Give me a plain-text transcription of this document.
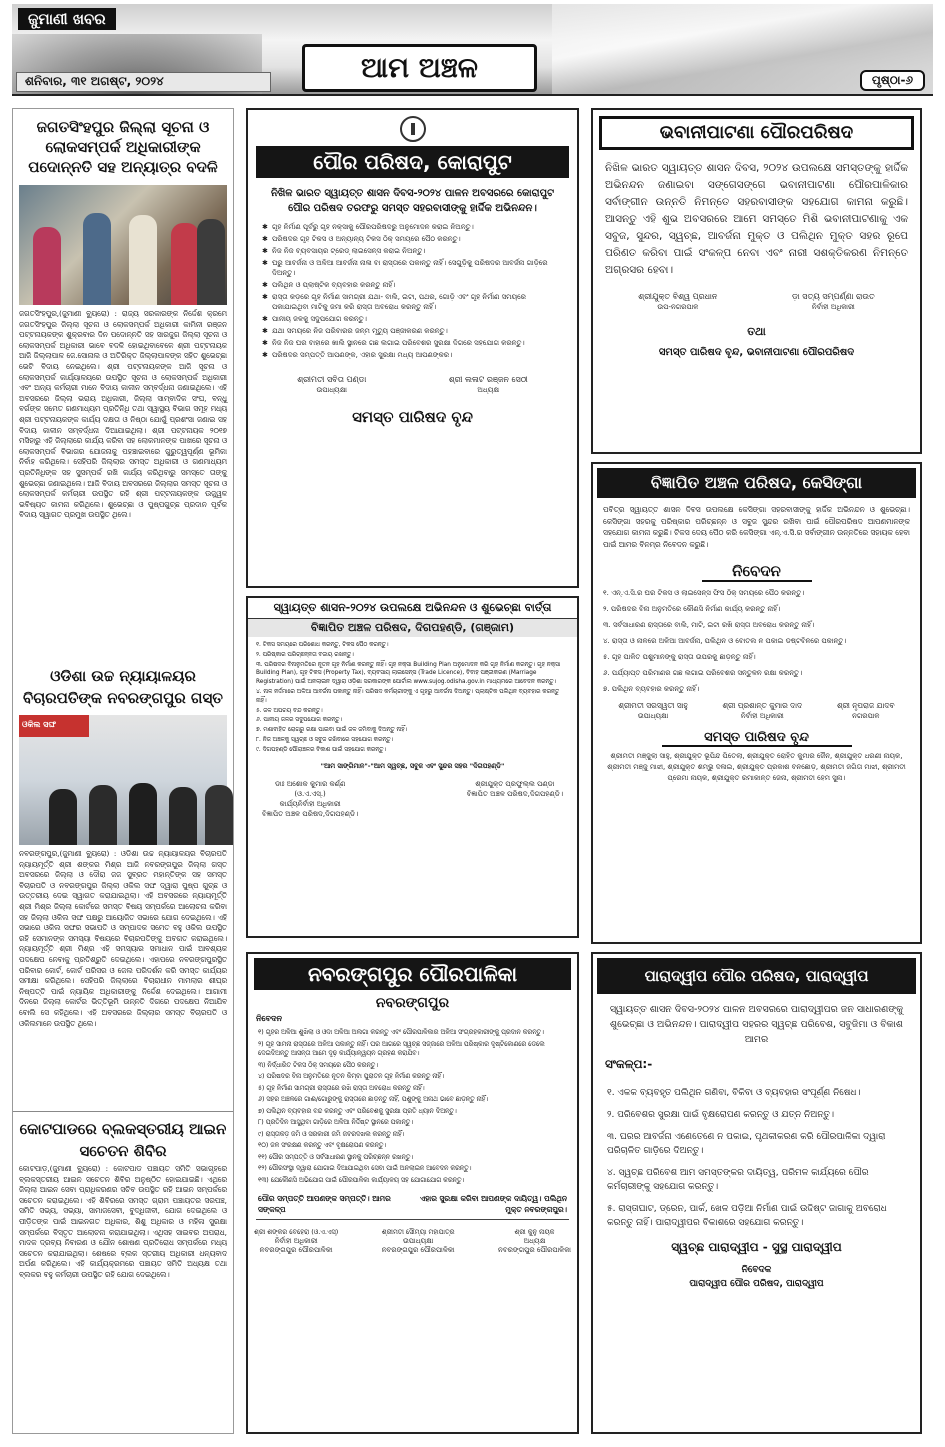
ଜୁମାଣୀ ଖବର
ଶନିବାର, ୩୧ ଅଗଷ୍ଟ, ୨୦୨୪	ଆମ ଅଞ୍ଚଳ	ପୃଷ୍ଠା-୬
ଜଗତସିଂହପୁର ଜିଲ୍ଲା ସୂଚନା ଓ ଲୋକସମ୍ପର୍କ ଅଧିକାରୀଙ୍କ ପଦୋନ୍ନତି ସହ ଅନ୍ୟାତ୍ର ବଦଳି
ଜଗତସିଂହପୁର,(ଜୁମାଣୀ ବ୍ୟୁରୋ) : ରାଜ୍ୟ ସରକାରଙ୍କ ନିର୍ଦ୍ଦେଶ କ୍ରମେ ଜଗତସିଂହପୁର ଜିଲ୍ଲା ସୂଚନା ଓ ଲୋକସମ୍ପର୍କ ଅଧିକାରୀ କାମିନୀ ରଞ୍ଜନ ପଟ୍ଟନାୟକଙ୍କ ଶୁକ୍ରବାର ଦିନ ପଦୋନ୍ନତି ସହ ସାରଜୁଗ ଜିଲ୍ଲା ସୂଚନା ଓ ଲୋକସମ୍ପର୍କ ଅଧିକାରୀ ଭାବେ ବଦଳି ହୋଇଥିବାବେଳେ ଶ୍ରୀ ପଟ୍ଟନାୟକ ଆଜି ଜିଲ୍ଲାପାଳ ଜେ.ସୋନାଲ ଓ ଅତିରିକ୍ତ ଜିଲ୍ଲାପାଳଙ୍କ ସହିତ ଶୁଭେଚ୍ଛା ଭେଟି ବିଦାୟ ନେଇଥିଲେ। ଶ୍ରୀ ପଟ୍ଟନାୟକଙ୍କ ଆଜି ସୂଚନା ଓ ଲୋକସମ୍ପର୍କ କାର୍ଯ୍ୟାଳୟରେ ଉପସ୍ଥିତ ସୂଚନା ଓ ଲୋକସମ୍ପର୍କ ଅଧିକାରୀ ଏବଂ ଅନ୍ୟ କର୍ମଚାରୀ ମାନେ ବିଦାୟ କାଳୀନ ସମ୍ବର୍ଦ୍ଧନା ଜଣାଇଥିଲେ। ଏହି ଅବସରରେ ଜିଲ୍ଲା ଭରାୟ ଅଧିକାରୀ, ଜିଲ୍ଲା ସାମ୍ବାଦିକ ସଂଘ, ବନ୍ଧୁ ବର୍ଗଙ୍କ ସମେତ ଗଣମାଧ୍ୟମ ପ୍ରତିନିଧି ତଥା ସ୍ୱାସ୍ଥ୍ୟ ବିଭାଗ ସମୂହ ମଧ୍ୟ ଶ୍ରୀ ପଟ୍ଟନାୟକଙ୍କ କାର୍ଯ୍ୟ ଦକ୍ଷତା ଓ ନିଷ୍ଠା ଯୋଗୁଁ ପ୍ରଶଂସା ଜଣାଇ ସହ ବିଦାୟ କାଳୀନ ସମ୍ବର୍ଦ୍ଧନା ଦିଆଯାଇଥିଲା। ଶ୍ରୀ ପଟ୍ଟନାୟକ ୨୦୧୭ ମସିହାରୁ ଏହି ଜିଲ୍ଲାରେ କାର୍ଯ୍ୟ କରିବା ସହ ଲୋକମାନଙ୍କ ପାଖରେ ସୂଚନା ଓ ଲୋକସମ୍ପର୍କ ବିଭାଗର ଯୋଜନାକୁ ପହଞ୍ଚାଇବାରେ ଗୁରୁତ୍ୱପୂର୍ଣ୍ଣ ଭୂମିକା ନିର୍ବାହ କରିଥିଲେ। ସେହିପରି ଜିଲ୍ଲାର ସମସ୍ତ ଅଧିକାରୀ ଓ ଗଣମାଧ୍ୟମ ପ୍ରତିନିଧିଙ୍କ ସହ ସୁସମ୍ପର୍କ ରଖି କାର୍ଯ୍ୟ କରିଥିବାରୁ ସମସ୍ତେ ତାଙ୍କୁ ଶୁଭେଚ୍ଛା ଜଣାଇଥିଲେ। ଆଜି ବିଦାୟ ଅବସରରେ ଜିଲ୍ଲାର ସମସ୍ତ ସୂଚନା ଓ ଲୋକସମ୍ପର୍କ କର୍ମଚାରୀ ଉପସ୍ଥିତ ରହି ଶ୍ରୀ ପଟ୍ଟନାୟକଙ୍କ ଉଜ୍ଜ୍ୱଳ ଭବିଷ୍ୟତ କାମନା କରିଥିଲେ। ଶୁଭେଚ୍ଛା ଓ ପୁଷ୍ପଗୁଚ୍ଛ ପ୍ରଦାନ ପୂର୍ବକ ବିଦାୟ ସ୍ୱାଗତ ପ୍ରମୁଖ ଉପସ୍ଥିତ ଥିଲେ।
ଓଡିଶା ଉଚ୍ଚ ନ୍ୟାୟାଳୟର ବିଚାରପତିଙ୍କ ନବରଙ୍ଗପୁର ଗସ୍ତ
ଓକିଲ ସଙ୍ଘ
ନବରଙ୍ଗପୁର,(ଜୁମାଣୀ ବ୍ୟୁରୋ) : ଓଡିଶା ଉଚ୍ଚ ନ୍ୟାୟାଳୟର ବିଚାରପତି ନ୍ୟାୟମୂର୍ତ୍ତି ଶ୍ରୀ ଶଙ୍କର ମିଶ୍ର ଆଜି ନବରଙ୍ଗପୁର ଜିଲ୍ଲା ଗସ୍ତ ଅବସରରେ ଜିଲ୍ଲା ଓ ଦୌରା ଜଜ ସୁବ୍ରତ ମହାନ୍ତିଙ୍କ ସହ ସମସ୍ତ ବିଚାରପତି ଓ ନବରଙ୍ଗପୁର ଜିଲ୍ଲା ଓକିଲ ସଙ୍ଘ ଦ୍ୱାରା ପୁଷ୍ପ ଗୁଚ୍ଛ ଓ ଉତ୍ତରୀୟ ଦେଇ ସ୍ୱାଗତ କରାଯାଇଥିଲା। ଏହି ଅବସରରେ ନ୍ୟାୟମୂର୍ତ୍ତି ଶ୍ରୀ ମିଶ୍ର ଜିଲ୍ଲା କୋର୍ଟରେ ସମସ୍ତ ବିଷୟ ସମ୍ପର୍କରେ ଆଲୋଚନା କରିବା ସହ ଜିଲ୍ଲା ଓକିଲ ସଙ୍ଘ ପକ୍ଷରୁ ଆୟୋଜିତ ସଭାରେ ଯୋଗ ଦେଇଥିଲେ। ଏହି ସଭାରେ ଓକିଲ ସଙ୍ଘର ସଭାପତି ଓ ସମ୍ପାଦକ ସମେତ ବହୁ ଓକିଲ ଉପସ୍ଥିତ ରହି ସେମାନଙ୍କ ସମସ୍ୟା ବିଷୟରେ ବିଚାରପତିଙ୍କୁ ଅବଗତ କରାଇଥିଲେ। ନ୍ୟାୟମୂର୍ତ୍ତି ଶ୍ରୀ ମିଶ୍ର ଏହି ସମସ୍ୟାର ସମାଧାନ ପାଇଁ ଆବଶ୍ୟକ ପଦକ୍ଷେପ ନେବାକୁ ପ୍ରତିଶ୍ରୁତି ଦେଇଥିଲେ। ଏହାପରେ ନବରଙ୍ଗପୁରସ୍ଥିତ ପରିବାର କୋର୍ଟ, କୋର୍ଟ ପରିସର ଓ ଜେଲ ପରିଦର୍ଶନ କରି ସମସ୍ତ କାର୍ଯ୍ୟର ସମୀକ୍ଷା କରିଥିଲେ। ସେହିପରି ଜିଲ୍ଲାରେ ବିଚାରାଧୀନ ମାମଲାର ଶୀଘ୍ର ନିଷ୍ପତ୍ତି ପାଇଁ ନ୍ୟାୟିକ ଅଧିକାରୀଙ୍କୁ ନିର୍ଦ୍ଦେଶ ଦେଇଥିଲେ। ଆଗାମୀ ଦିନରେ ଜିଲ୍ଲା କୋର୍ଟର ଭିତ୍ତିଭୂମି ଉନ୍ନତି ଦିଗରେ ପଦକ୍ଷେପ ନିଆଯିବ ବୋଲି ସେ କହିଥିଲେ। ଏହି ଅବସରରେ ଜିଲ୍ଲାର ସମସ୍ତ ବିଚାରପତି ଓ ଓକିଲମାନେ ଉପସ୍ଥିତ ଥିଲେ।
କୋଟପାଡରେ ବ୍ଲକସ୍ତରୀୟ ଆଇନ ସଚେତନ ଶିବିର
କୋଟପାଡ଼,(ଜୁମାଣୀ ବ୍ୟୁରୋ) : କୋଟପାଡ ପଞ୍ଚାୟତ ସମିତି ସଭାଗୃହରେ ବ୍ଲକସ୍ତରୀୟ ଆଇନ ସଚେତନ ଶିବିର ଅନୁଷ୍ଠିତ ହୋଇଯାଇଛି। ଏଥିରେ ଜିଲ୍ଲା ଆଇନ ସେବା ପ୍ରାଧିକରଣର ସଚିବ ଉପସ୍ଥିତ ରହି ଆଇନ ସମ୍ପର୍କରେ ସଚେତନ କରାଇଥିଲେ। ଏହି ଶିବିରରେ ସମସ୍ତ ଗ୍ରାମ ପଞ୍ଚାୟତର ସରପଞ୍ଚ, ସମିତି ସଭ୍ୟ, ସଭ୍ୟା, ସାମାଜସେବୀ, ବୁଦ୍ଧିଜୀବୀ, ଯୋଗ ଦେଇଥିଲେ ଓ ପୀଡ଼ିତଙ୍କ ପାଇଁ ଆଇନଗତ ଅଧିକାର, ଶିଶୁ ଅଧିକାର ଓ ମହିଳା ସୁରକ୍ଷା ସମ୍ପର୍କରେ ବିସ୍ତୃତ ଆଲୋଚନା କରାଯାଇଥିଲା। ଏଥିସହ ସାଇବର ଅପରାଧ, ମାଦକ ଦ୍ରବ୍ୟ ନିବାରଣ ଓ ଯୌନ ଶୋଷଣ ପ୍ରତିରୋଧ ସମ୍ପର୍କରେ ମଧ୍ୟ ସଚେତନ କରାଯାଇଥିଲା। ଶେଷରେ ବ୍ଲକ ସ୍ତରୀୟ ଅଧିକାରୀ ଧନ୍ୟବାଦ ଅର୍ପଣ କରିଥିଲେ। ଏହି କାର୍ଯ୍ୟକ୍ରମରେ ପଞ୍ଚାୟତ ସମିତି ଅଧ୍ୟକ୍ଷ ତଥା ବ୍ଲକର ବହୁ କର୍ମଚାରୀ ଉପସ୍ଥିତ ରହି ଯୋଗ ଦେଇଥିଲେ।
ପୌର ପରିଷଦ, କୋରାପୁଟ
ନିଖିଳ ଭାରତ ସ୍ୱାୟତ୍ତ ଶାସନ ଦିବସ-୨୦୨୪ ପାଳନ ଅବସରରେ କୋରାପୁଟ ପୌର ପରିଷଦ ତରଫରୁ ସମସ୍ତ ସହରବାସୀଙ୍କୁ ହାର୍ଦ୍ଦିକ ଅଭିନନ୍ଦନ।
✱ ଗୃହ ନିର୍ମାଣ ପୂର୍ବରୁ ଗୃହ ନକ୍ସାକୁ ପୌରପରିଷଦରୁ ଅନୁମୋଦନ କରାଇ ନିଅନ୍ତୁ।
✱ ପରିଷଦର ଗୃହ ଟିକସ ଓ ଅନ୍ୟାନ୍ୟ ଟିକସ ଠିକ୍ ସମୟରେ ପୈଠ କରନ୍ତୁ।
✱ ନିଜ ନିଜ ବ୍ୟବସାୟର ଟ୍ରେଡ୍ ଲାଇସେନ୍ସ କରାଇ ନିଅନ୍ତୁ।
✱ ଘରୁ ଆବର୍ଜନା ଓ ଅଳିଆ ଆବର୍ଜନା ନାଳା ବା ରାସ୍ତାରେ ପକାନ୍ତୁ ନାହିଁ। ସେଗୁଡ଼ିକୁ ପରିଷଦର ଆବର୍ଜନା ଗାଡ଼ିରେ ଦିଅନ୍ତୁ।
✱ ପଲିଥିନ ଓ ପ୍ଲାଷ୍ଟିକ ବ୍ୟବହାର କରନ୍ତୁ ନାହିଁ।
✱ ରାସ୍ତା କଡ଼ରେ ଗୃହ ନିର୍ମାଣ ସାମଗ୍ରୀ ଯଥା- ବାଲି, ଇଟା, ପଥର, ଗୋଡ଼ି ଏବଂ ଗୃହ ନିର୍ମାଣ ସମୟରେ ପକାଯାଇଥିବା ମାଟିକୁ ଜମା କରି ରାସ୍ତା ଅବରୋଧ କରନ୍ତୁ ନାହିଁ।
✱ ପାନୀୟ ଜଳକୁ ସଦୁପଯୋଗ କରନ୍ତୁ।
✱ ଯଥା ସମୟରେ ନିଜ ପରିବାରର ଜନ୍ମ ମୃତ୍ୟୁ ପଞ୍ଜୀକରଣ କରନ୍ତୁ।
✱ ନିଜ ନିଜ ଘର ବାହାରେ ଖାଲି ସ୍ଥାନରେ ଗଛ ଲଗାଇ ପରିବେଶର ସୁରକ୍ଷା ଦିଗରେ ସହଯୋଗ କରନ୍ତୁ।
✱ ପରିଷଦର ସମ୍ପତ୍ତି ଆପଣଙ୍କ, ଏହାର ସୁରକ୍ଷା ମଧ୍ୟ ଆପଣଙ୍କର।
ଶ୍ରୀମତୀ ସବିତା ପଣ୍ଡା
ଉପାଧ୍ୟକ୍ଷା
ଶ୍ରୀ ଲଳାଟ ରଞ୍ଜନ ସେଠୀ
ଅଧ୍ୟକ୍ଷ
ସମସ୍ତ ପାରିଷଦ ବୃନ୍ଦ
ସ୍ୱାୟତ୍ତ ଶାସନ-୨୦୨୪ ଉପଲକ୍ଷେ ଅଭିନନ୍ଦନ ଓ ଶୁଭେଚ୍ଛା ବାର୍ତ୍ତା
ବିଜ୍ଞାପିତ ଅଞ୍ଚଳ ପରିଷଦ, ଦିଗପହଣ୍ଡି, (ଗଞ୍ଜାମ)

୧. ଟିକସ ସମୟରେ ପରିଶୋଧ କରନ୍ତୁ, ଟିକସ ପୈଠ କରନ୍ତୁ।

୨. ପରିଷ୍କାର ପରିଚ୍ଛନ୍ନତା ବଜାୟ ରଖନ୍ତୁ।

୩. ପରିଷଦର ବିନାନୁମତିରେ ନୂତନ ଗୃହ ନିର୍ମାଣ କରନ୍ତୁ ନାହିଁ। ଗୃହ ନକ୍ସା Building Plan ଅନୁମୋଦନ କରି ଗୃହ ନିର୍ମାଣ କରନ୍ତୁ। ଗୃହ ନକ୍ସା Building Plan), ଗୃହ ଟିକସ (Property Tax), ବ୍ୟବସାୟ ଲାଇସେନ୍ସ (Trade Licence), ବିବାହ ପଞ୍ଜୀକରଣ (Marriage Registration) ପାଇଁ ଅନଲାଇନ ଦ୍ୱାରା ଓଡ଼ିଶା ସରକାରଙ୍କ ପୋର୍ଟାଲ www.sujog.odisha.gov.in ମାଧ୍ୟମରେ ଆବେଦନ କରନ୍ତୁ।

୪. ନାଳ ନର୍ଦ୍ଦମାରେ ଅଳିଆ ଆବର୍ଜନା ପକାନ୍ତୁ ନାହିଁ। ପରିଷଦ କର୍ମଚାରୀଙ୍କୁ ଏ ଗୃହରୁ ଆବର୍ଜନା ଦିଅନ୍ତୁ। ପ୍ଲାଷ୍ଟିକ ପଲିଥିନ ବ୍ୟବହାର କରନ୍ତୁ ନାହିଁ।

୫. ଜଳ ଅପଚୟ ବନ୍ଦ କରନ୍ତୁ।

୬. ପାନୀୟ ଜଳର ସଦୁପଯୋଗ କରନ୍ତୁ।

୭. ମଶାବାହିତ ରୋଗରୁ ରକ୍ଷା ପାଇବା ପାଇଁ ଜଳ ଜମିବାକୁ ଦିଅନ୍ତୁ ନାହିଁ।

୮. ନିଜ ଅଞ୍ଚଳକୁ ସ୍ୱଚ୍ଛ ଓ ସବୁଜ ରଖିବାରେ ସହଯୋଗ କରନ୍ତୁ।

୯. ଦିଗପହଣ୍ଡି ପୌରାଞ୍ଚଳର ବିକାଶ ପାଇଁ ସହଯୋଗ କରନ୍ତୁ।

"ଆମ ସାଙ୍ଗିମାନ"-"ଆମ ସ୍ୱଚ୍ଛ, ସବୁଜ ଏବଂ ସୁନ୍ଦର ସହର "ଦିଗପହଣ୍ଡି"
ଡାଃ ଅଶୋକ କୁମାର କର୍ଣ୍ଣ

(ଓ.ଏ.ଏସ୍.)
କାର୍ଯ୍ୟନିର୍ବାହୀ ଅଧିକାରୀ
ବିଜ୍ଞାପିତ ଅଞ୍ଚଳ ପରିଷଦ,ଦିଗପହଣ୍ଡି।
ଶ୍ରୀଯୁକ୍ତ ପ୍ରଫୁଲ୍ଲ ପଣ୍ଡା

ବିଜ୍ଞାପିତ ଅଞ୍ଚଳ ପରିଷଦ,ଦିଗପହଣ୍ଡି।
ନବରଙ୍ଗପୁର ପୌରପାଳିକା
ନବରଙ୍ଗପୁର
ନିବେଦନ

୧) ଗୃହର ଅଳିଆ ଶୁଖିଲା ଓ ଓଦା ଅଳିଆ ଅଲଗା କରନ୍ତୁ ଏବଂ ପୌରପାଳିକାର ଅଳିଆ ସଂଗ୍ରହକାରୀଙ୍କୁ ପ୍ରଦାନ କରନ୍ତୁ।

୨) ଗୃହ ସାମନା ରାସ୍ତାରେ ଅଳିଆ ପକାନ୍ତୁ ନାହିଁ। ଘର ଆଗରେ ସ୍ୱଚ୍ଛ ସଜ୍ଜାରେ ଅଳିଆ ପରିଷ୍କାର ଦୃଷ୍ଟିକୋଣରେ ଡେଲେ ଦେଇଦିଅନ୍ତୁ ଆସନ୍ତା ଆମେ ଦୃଢ଼ କାର୍ଯ୍ୟାନ୍ୱୟନ ଗ୍ରହଣ କରାଯିବ।

୩) ନିର୍ଦ୍ଧାରିତ ଟିକସ ଠିକ୍ ସମୟରେ ପୈଠ କରନ୍ତୁ।

୪) ପରିଷଦର ବିନା ଅନୁମତିରେ ନୂତନ କିମ୍ବା ପୁରାତନ ଗୃହ ନିର୍ମାଣ କରନ୍ତୁ ନାହିଁ।

୫) ଗୃହ ନିର୍ମାଣ ସାମଗ୍ରୀ ରାସ୍ତାରେ ରଖି ରାସ୍ତା ଅବରୋଧ କରନ୍ତୁ ନାହିଁ।

୬) ସହର ଅଞ୍ଚଳରେ ଗାଈ/ଗୋରୁଙ୍କୁ ରାସ୍ତାରେ ଛାଡ଼ନ୍ତୁ ନାହିଁ, ପଶୁଙ୍କୁ ଅନାଥ ଭାବେ ଛାଡ଼ନ୍ତୁ ନାହିଁ।

୭) ପଲିଥିନ ବ୍ୟବହାର ବନ୍ଦ କରନ୍ତୁ ଏବଂ ପରିବେଶକୁ ସୁରକ୍ଷା ପ୍ରତି ଧ୍ୟାନ ଦିଅନ୍ତୁ।

୮) ପ୍ରତିଦିନ ଆସୁଥିବା ଗାଡ଼ିରେ ଅଳିଆ ନିର୍ଦ୍ଦିଷ୍ଟ ସ୍ଥାନରେ ପକାନ୍ତୁ।

୯) ରାସ୍ତାକଡ଼ ଜମି ଓ ସରକାରୀ ଜମି ଜବରଦଖଲ କରନ୍ତୁ ନାହିଁ।

୧୦) ଜଳ ସଂରକ୍ଷଣ କରନ୍ତୁ ଏବଂ ବୃକ୍ଷରୋପଣ କରନ୍ତୁ।

୧୧) ପୌର ସମ୍ପତ୍ତି ଓ ସର୍ବସାଧାରଣ ସ୍ଥାନକୁ ପରିଚ୍ଛନ୍ନ ରଖନ୍ତୁ।

୧୨) ପୌରସଂସ୍ଥା ଦ୍ୱାରା ଯୋଗାଇ ଦିଆଯାଇଥିବା ସେବା ପାଇଁ ଅନଲାଇନ ଆବେଦନ କରନ୍ତୁ।

୧୩) ଯେକୌଣସି ଅଭିଯୋଗ ପାଇଁ ପୌରପାଳିକା କାର୍ଯ୍ୟାଳୟ ସହ ଯୋଗାଯୋଗ କରନ୍ତୁ।

ପୌର ସମ୍ପତ୍ତି ଆପଣଙ୍କ ସମ୍ପତ୍ତି। ଆମର ସଙ୍କଳ୍ପ
ଏହାର ସୁରକ୍ଷା କରିବା ଆପଣଙ୍କ ଦାୟିତ୍ୱ। ପଲିଥିନ ମୁକ୍ତ ନବରଙ୍ଗପୁର।
ଶ୍ରୀ ଶଙ୍କର ବେହେରା (ଓ.ଏ.ଏସ୍)
ନିର୍ବାହୀ ଅଧିକାରୀ
ନବରଙ୍ଗପୁର ପୌରପାଳିକା
ଶ୍ରୀମତୀ ସୌମ୍ୟା ମହାପାତ୍ର
ଉପାଧ୍ୟକ୍ଷା
ନବରଙ୍ଗପୁର ପୌରପାଳିକା
ଶ୍ରୀ କୁନୁ ନାୟକ
ଅଧ୍ୟକ୍ଷ
ନବରଙ୍ଗପୁର ପୌରପାଳିକା
ଭବାନୀପାଟଣା ପୌରପରିଷଦ
ନିଖିଳ ଭାରତ ସ୍ୱାୟତ୍ତ ଶାସନ ଦିବସ, ୨୦୨୪ ଉପଲକ୍ଷେ ସମସ୍ତଙ୍କୁ ହାର୍ଦ୍ଦିକ ଅଭିନନ୍ଦନ ଜଣାଇବା ସଙ୍ଗେସଙ୍ଗେ ଭବାନୀପାଟଣା ପୌରପାଳିକାର ସର୍ବାଙ୍ଗୀନ ଉନ୍ନତି ନିମନ୍ତେ ସହରବାସୀଙ୍କ ସହଯୋଗ କାମନା କରୁଛି। ଆସନ୍ତୁ ଏହି ଶୁଭ ଅବସରରେ ଆମେ ସମସ୍ତେ ମିଶି ଭବାନୀପାଟଣାକୁ ଏକ ସବୁଜ, ସୁନ୍ଦର, ସ୍ୱଚ୍ଛ, ଆବର୍ଜନା ମୁକ୍ତ ଓ ପଲିଥିନ ମୁକ୍ତ ସହର ରୂପେ ପରିଣତ କରିବା ପାଇଁ ସଂକଳ୍ପ ନେବା ଏବଂ ନାରୀ ସଶକ୍ତିକରଣ ନିମନ୍ତେ ଅଗ୍ରସର ହେବା।
ଶ୍ରୀଯୁକ୍ତ ବିଶ୍ୱ ପ୍ରଧାନ
ଉପ-ନଗରପାଳ
ଡ଼ା ସତ୍ୟ ସମ୍ପର୍ଣ୍ଣା ରାଉତ
ନିର୍ବାହୀ ଅଧିକାରୀ
ତଥା
ସମସ୍ତ ପାରିଷଦ ବୃନ୍ଦ, ଭବାନୀପାଟଣା ପୌରପରିଷଦ
ବିଜ୍ଞାପିତ ଅଞ୍ଚଳ ପରିଷଦ, କେସିଙ୍ଗା
ପବିତ୍ର ସ୍ୱାୟତ୍ତ ଶାସନ ଦିବସ ଉପଲକ୍ଷେ କେସିଙ୍ଗା ସହରବାସୀଙ୍କୁ ହାର୍ଦ୍ଦିକ ଅଭିନନ୍ଦନ ଓ ଶୁଭେଚ୍ଛା। କେସିଙ୍ଗା ସହରକୁ ପରିଷ୍କାର ପରିଚ୍ଛନ୍ନ ଓ ସବୁଜ ସୁନ୍ଦର ରଖିବା ପାଇଁ ପୌରପରିଷଦ ଆପଣମାନଙ୍କ ସହଯୋଗ କାମନା କରୁଛି। ଟିକସ ଦେୟ ପୈଠ କରି କେସିଙ୍ଗା ଏନ୍.ଏ.ସି.ର ସର୍ବାଙ୍ଗୀନ ଉନ୍ନତିରେ ସହାୟକ ହେବା ପାଇଁ ଆମର ବିନମ୍ର ନିବେଦନ କରୁଛି।
ନିବେଦନ
୧. ଏନ୍.ଏ.ସି.ର ଘର ଟିକସ ଓ ଲାଇସେନ୍ସ ଫିସ ଠିକ୍ ସମୟରେ ପୈଠ କରନ୍ତୁ।
୨. ପରିଷଦର ବିନା ଅନୁମତିରେ କୌଣସି ନିର୍ମାଣ କାର୍ଯ୍ୟ କରନ୍ତୁ ନାହିଁ।
୩. ସର୍ବସାଧାରଣ ରାସ୍ତାରେ ବାଲି, ମାଟି, ଇଟା ରଖି ରାସ୍ତା ଅବରୋଧ କରନ୍ତୁ ନାହିଁ।
୪. ରାସ୍ତା ଓ ନାଳରେ ଅଳିଆ ଆବର୍ଜନା, ପଲିଥିନ ଓ ବୋତଲ ନ ପକାଇ ଡଷ୍ଟବିନରେ ପକାନ୍ତୁ।
୫. ଗୃହ ପାଳିତ ପଶୁମାନଙ୍କୁ ରାସ୍ତା ଉପରକୁ ଛାଡ଼ନ୍ତୁ ନାହିଁ।
୬. ପର୍ଯ୍ୟାପ୍ତ ପରିମାଣର ଗଛ ଲଗାଇ ପରିବେଶର ସନ୍ତୁଳନ ରକ୍ଷା କରନ୍ତୁ।
୭. ପଲିଥିନ ବ୍ୟବହାର କରନ୍ତୁ ନାହିଁ।
ଶ୍ରୀମତୀ ସରସ୍ୱତୀ ସାହୁ
ଉପାଧ୍ୟକ୍ଷା
ଶ୍ରୀ ପ୍ରଶାନ୍ତ କୁମାର ଦାଦ
ନିର୍ବାହୀ ଅଧିକାରୀ
ଶ୍ରୀ ନୃପରାଜ ଯାଦବ
ନଗରପାଳ
ସମସ୍ତ ପାରିଷଦ ବୃନ୍ଦ
ଶ୍ରୀମତୀ ମଞ୍ଜୁଲା ସାହୁ, ଶ୍ରୀଯୁକ୍ତ ଭୂପିନ୍ଦ ପିତେଲା, ଶ୍ରୀଯୁକ୍ତ ରୋହିତ କୁମାର ଜୈନ, ଶ୍ରୀଯୁକ୍ତ ଧରଣୀ ନାୟକ, ଶ୍ରୀମତୀ ମଞ୍ଜୁ ମାଝୀ, ଶ୍ରୀଯୁକ୍ତ ଶମ୍ଭୁ ଦଳାଇ, ଶ୍ରୀଯୁକ୍ତ ପ୍ରକାଶ ବନଛୋଡ଼, ଶ୍ରୀମତୀ ଜଗିତା ମାଝୀ, ଶ୍ରୀମତୀ ପ୍ରେମା ନାୟକ, ଶ୍ରୀଯୁକ୍ତ ରମାକାନ୍ତ ଜେନା, ଶ୍ରୀମତୀ ହେମ ସୁନା।
ପାରାଦ୍ୱୀପ ପୌର ପରିଷଦ, ପାରାଦ୍ୱୀପ
ସ୍ୱାୟତ୍ତ ଶାସନ ଦିବସ-୨୦୨୪ ପାଳନ ଅବସରରେ ପାରାଦ୍ୱୀପର ଜନ ସାଧାରଣଙ୍କୁ ଶୁଭେଚ୍ଛା ଓ ଅଭିନନ୍ଦନ। ପାରାଦ୍ୱୀପ ସହରର ସ୍ୱଚ୍ଛ ପରିବେଶ, ସବୁଜିମା ଓ ବିକାଶ ଆମର
ସଂକଳ୍ପ:-

୧. ଏକକ ବ୍ୟବହୃତ ପଲିଥିନ ଗଣିବା, ବିକିବା ଓ ବ୍ୟବହାର ସଂପୂର୍ଣ୍ଣ ନିଷେଧ।

୨. ପରିବେଶର ସୁରକ୍ଷା ପାଇଁ ବୃକ୍ଷରୋପଣ କରନ୍ତୁ ଓ ଯତ୍ନ ନିଅନ୍ତୁ।

୩. ଘରର ଆବର୍ଜନା ଏଣେତେଣେ ନ ପକାଇ, ପୃଥକୀକରଣ କରି ପୌରପାଳିକା ଦ୍ୱାରା ପରିଚାଳିତ ଗାଡ଼ିରେ ଦିଅନ୍ତୁ।

୪. ସ୍ୱଚ୍ଛ ପରିବେଶ ଆମ ସମସ୍ତଙ୍କର ଦାୟିତ୍ୱ, ପରିମଳ କାର୍ଯ୍ୟରେ ପୌର କର୍ମଚାରୀଙ୍କୁ ସହଯୋଗ କରନ୍ତୁ।

୫. ରାସ୍ତାଘାଟ, ଡ୍ରେନ, ପାର୍କ, ଖେଳ ପଡ଼ିଆ ନିର୍ମାଣ ପାଇଁ ଉଦ୍ଦିଷ୍ଟ ଜାଗାକୁ ଅବରୋଧ କରନ୍ତୁ ନାହିଁ। ପାରାଦ୍ୱୀପର ବିକାଶରେ ସହଯୋଗ କରନ୍ତୁ।

ସ୍ୱଚ୍ଛ ପାରାଦ୍ୱୀପ - ସୁସ୍ଥ ପାରାଦ୍ୱୀପ
ନିବେଦକ
ପାରାଦ୍ୱୀପ ପୌର ପରିଷଦ, ପାରାଦ୍ୱୀପ
